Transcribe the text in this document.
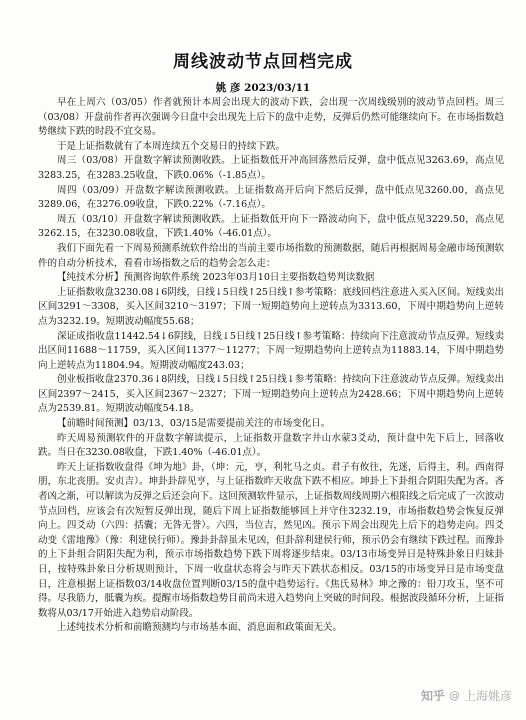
周线波动节点回档完成
姚 彦 2023/03/11

早在上周六（03/05）作者就预计本周会出现大的波动下跌，会出现一次周线级别的波动节点回档。周三（03/08）开盘前作者再次强调今日盘中会出现先上后下的盘中走势，反弹后仍然可能继续向下。在市场指数趋势继续下跌的时段不宜交易。

于是上证指数就有了本周连续五个交易日的持续下跌。

周三（03/08）开盘数字解读预测收跌。上证指数低开冲高回落然后反弹，盘中低点见3263.69，高点见3283.25，在3283.25收盘，下跌0.06%（-1.85点）。

周四（03/09）开盘数字解读预测收跌。上证指数高开后向下然后反弹，盘中低点见3260.00，高点见3289.06，在3276.09收盘，下跌0.22%（-7.16点）。

周五（03/10）开盘数字解读预测收跌。上证指数低开向下一路波动向下，盘中低点见3229.50，高点见3262.15，在3230.08收盘，下跌1.40%（-46.01点）。

我们下面先看一下周易预测系统软件给出的当前主要市场指数的预测数据，随后再根据周易金融市场预测软件的自动分析技术，看看市场指数之后的趋势会怎么走：

【纯技术分析】预测咨询软件系统 2023年03月10日主要指数趋势判读数据

上证指数收盘3230.08↓6阴线，日线↓5日线↑25日线↑参考策略：底线回档注意进入买入区间。短线卖出区间3291～3308，买入区间3210～3197；下周一短期趋势向上逆转点为3313.60，下周中期趋势向上逆转点为3232.19。短期波动幅度55.68；

深证成指收盘11442.54↓6阴线，日线↓5日线↑25日线↑参考策略：持续向下注意波动节点反弹。短线卖出区间11688～11759，买入区间11377～11277；下周一短期趋势向上逆转点为11883.14，下周中期趋势向上逆转点为11804.94。短期波动幅度243.03；

创业板指收盘2370.36↓8阴线，日线↓5日线↑25日线↓参考策略：持续向下注意波动节点反弹。短线卖出区间2397～2415，买入区间2367～2327；下周一短期趋势向上逆转点为2428.66；下周中期趋势向上逆转点为2539.81。短期波动幅度54.18。

【前瞻时间预测】03/13、03/15是需要提前关注的市场变化日。

昨天周易预测软件的开盘数字解读提示，上证指数开盘数字井山水蒙3爻动，预计盘中先下后上，回落收跌。当日在3230.08收盘，下跌1.40%（-46.01点）。

昨天上证指数收盘得《坤为地》卦，（坤：元，亨，利牝马之贞。君子有攸往，先迷，后得主，利。西南得朋，东北丧朋。安贞吉）。坤卦卦辞见亨，与上证指数昨天收盘下跌不相应。坤卦上下卦组合阴阳失配为吝。吝者凶之渐，可以解读为反弹之后还会向下。这回预测软件显示，上证指数周线周期六根阳线之后完成了一次波动节点回档，应该会有次短暂反弹出现，随后下周上证指数能够回上并守住3232.19，市场指数趋势会恢复反弹向上。四爻动（六四：括囊；无咎无誉）。六四，当位吉，然见凶。预示下周会出现先上后下的趋势走向。四爻动变《雷地豫》（豫：利建侯行师）。豫卦卦辞虽未见凶，但卦辞利建侯行师，预示仍会有继续下跌过程。而豫卦的上下卦组合阴阳失配为利，预示市场指数趋势下跌下周将逐步结束。03/13市场变异日是特殊卦象日归妹卦日，按特殊卦象日分析规则预计，下周一收盘状态将会与昨天下跌状态相反。03/15的市场变异日是市场变盘日，注意根据上证指数03/14收盘位置判断03/15的盘中趋势运行。《焦氏易林》坤之豫的：铅刀攻玉，坚不可得。尽我筋力，胝囊为疾。提醒市场指数趋势目前尚未进入趋势向上突破的时间段。根据波段循环分析，上证指数将从03/17开始进入趋势启动阶段。

上述纯技术分析和前瞻预测均与市场基本面、消息面和政策面无关。

知乎 @ 上海姚彦
